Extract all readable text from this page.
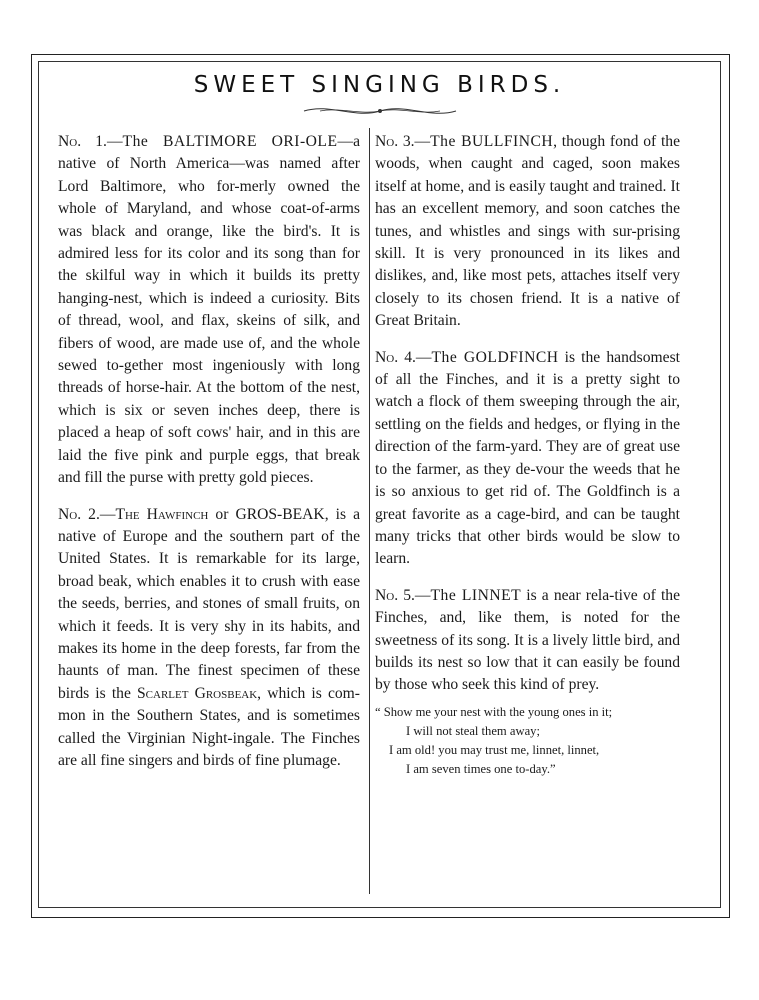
SWEET SINGING BIRDS.

No. 1.—The BALTIMORE ORI-OLE—a native of North America—was named after Lord Baltimore, who for-merly owned the whole of Maryland, and whose coat-of-arms was black and orange, like the bird's. It is admired less for its color and its song than for the skilful way in which it builds its pretty hanging-nest, which is indeed a curiosity. Bits of thread, wool, and flax, skeins of silk, and fibers of wood, are made use of, and the whole sewed to-gether most ingeniously with long threads of horse-hair. At the bottom of the nest, which is six or seven inches deep, there is placed a heap of soft cows' hair, and in this are laid the five pink and purple eggs, that break and fill the purse with pretty gold pieces.

No. 2.—The Hawfinch or GROS-BEAK, is a native of Europe and the southern part of the United States. It is remarkable for its large, broad beak, which enables it to crush with ease the seeds, berries, and stones of small fruits, on which it feeds. It is very shy in its habits, and makes its home in the deep forests, far from the haunts of man. The finest specimen of these birds is the Scarlet Grosbeak, which is com-mon in the Southern States, and is sometimes called the Virginian Night-ingale. The Finches are all fine singers and birds of fine plumage.

No. 3.—The BULLFINCH, though fond of the woods, when caught and caged, soon makes itself at home, and is easily taught and trained. It has an excellent memory, and soon catches the tunes, and whistles and sings with sur-prising skill. It is very pronounced in its likes and dislikes, and, like most pets, attaches itself very closely to its chosen friend. It is a native of Great Britain.

No. 4.—The GOLDFINCH is the handsomest of all the Finches, and it is a pretty sight to watch a flock of them sweeping through the air, settling on the fields and hedges, or flying in the direction of the farm-yard. They are of great use to the farmer, as they de-vour the weeds that he is so anxious to get rid of. The Goldfinch is a great favorite as a cage-bird, and can be taught many tricks that other birds would be slow to learn.

No. 5.—The LINNET is a near rela-tive of the Finches, and, like them, is noted for the sweetness of its song. It is a lively little bird, and builds its nest so low that it can easily be found by those who seek this kind of prey.

“ Show me your nest with the young ones in it;
I will not steal them away;
I am old! you may trust me, linnet, linnet,
I am seven times one to-day.”
